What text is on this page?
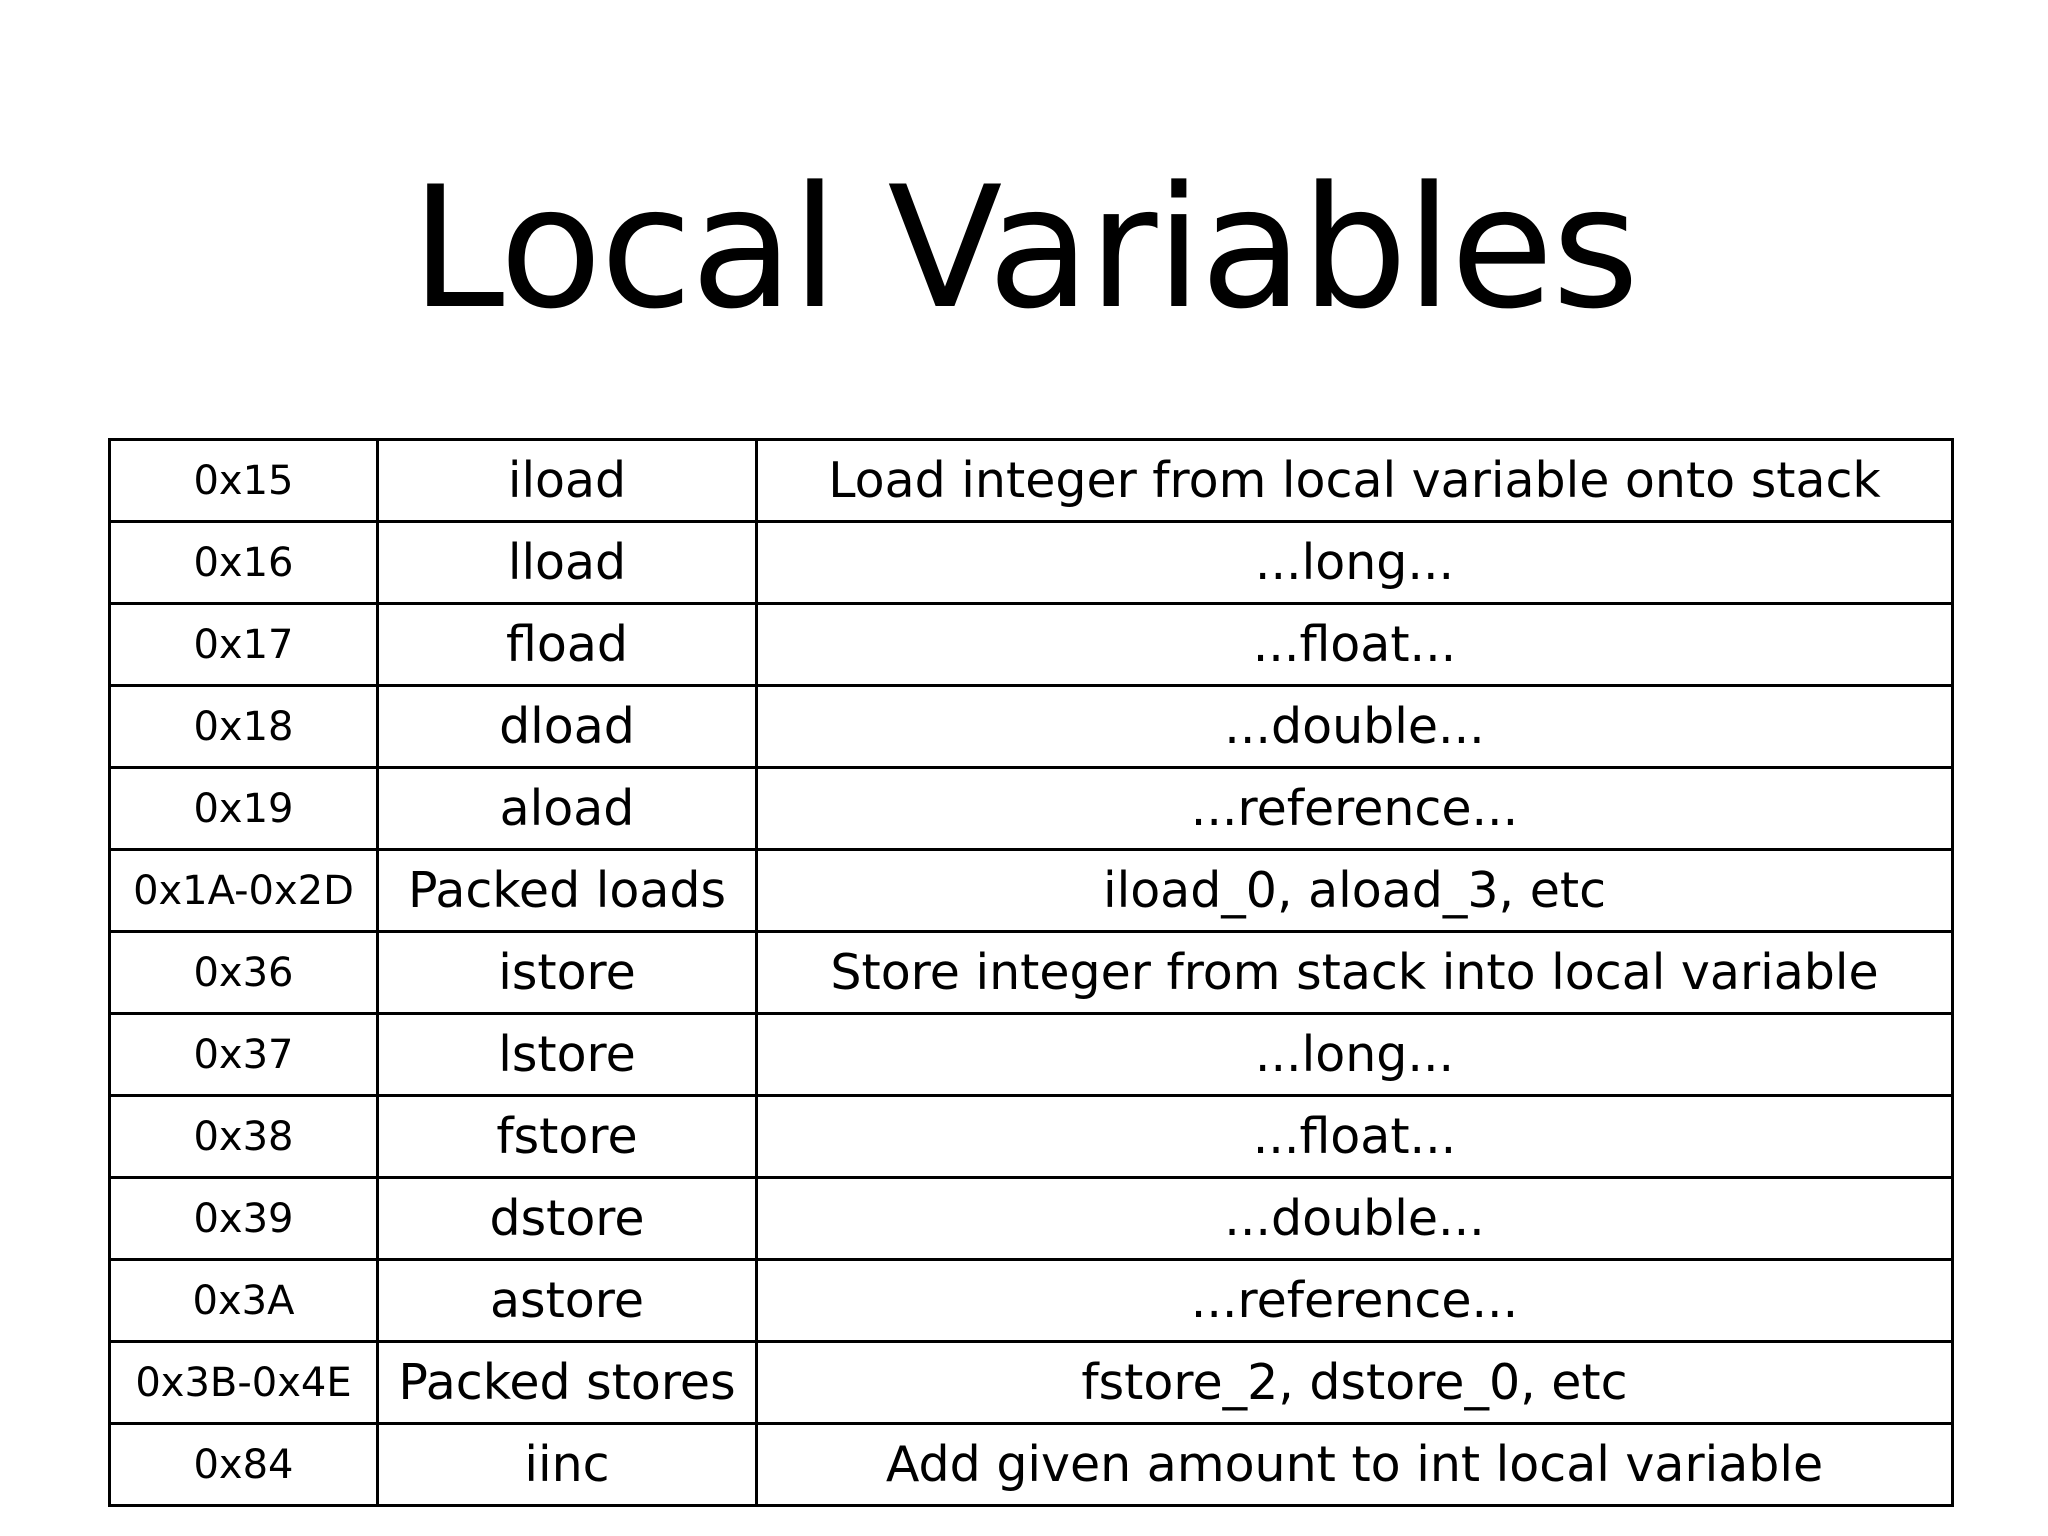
Local Variables
0x15	iload	Load integer from local variable onto stack
0x16	lload	...long...
0x17	fload	...float...
0x18	dload	...double...
0x19	aload	...reference...
0x1A-0x2D	Packed loads	iload_0, aload_3, etc
0x36	istore	Store integer from stack into local variable
0x37	lstore	...long...
0x38	fstore	...float...
0x39	dstore	...double...
0x3A	astore	...reference...
0x3B-0x4E	Packed stores	fstore_2, dstore_0, etc
0x84	iinc	Add given amount to int local variable
